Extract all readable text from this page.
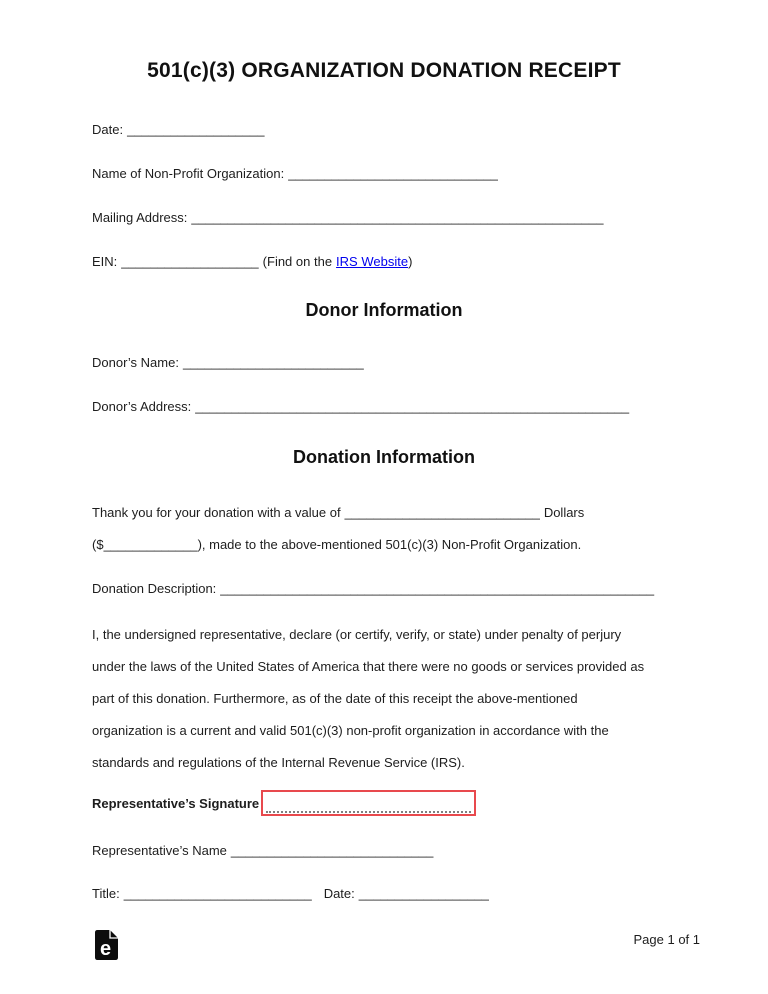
501(c)(3) ORGANIZATION DONATION RECEIPT
Date: ___________________
Name of Non-Profit Organization: _____________________________
Mailing Address: _________________________________________________________
EIN: ___________________ (Find on the IRS Website)
Donor Information
Donor’s Name: _________________________
Donor’s Address: ____________________________________________________________
Donation Information
Thank you for your donation with a value of ___________________________ Dollars
($_____________), made to the above-mentioned 501(c)(3) Non-Profit Organization.
Donation Description: ____________________________________________________________
I, the undersigned representative, declare (or certify, verify, or state) under penalty of perjury
under the laws of the United States of America that there were no goods or services provided as
part of this donation. Furthermore, as of the date of this receipt the above-mentioned
organization is a current and valid 501(c)(3) non-profit organization in accordance with the
standards and regulations of the Internal Revenue Service (IRS).
Representative’s Signature
Representative’s Name ____________________________
Title: __________________________ Date: __________________
e	Page 1 of 1
